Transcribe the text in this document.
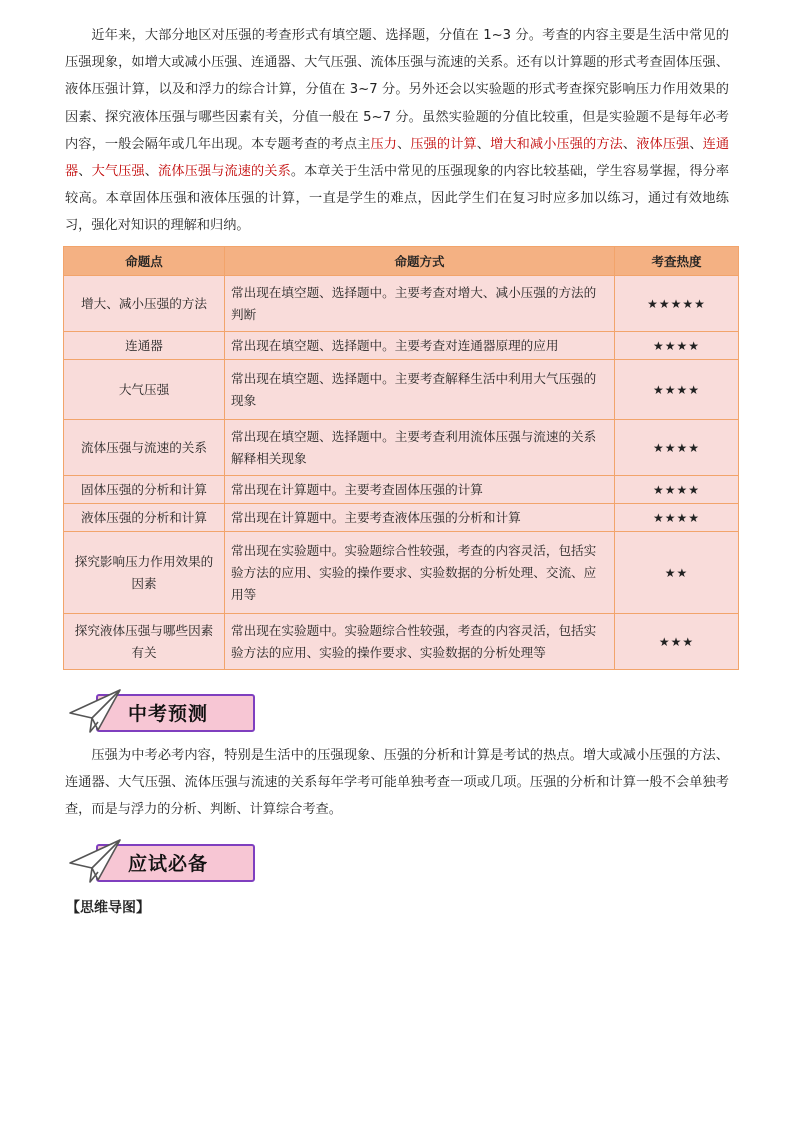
近年来，大部分地区对压强的考查形式有填空题、选择题，分值在 1~3 分。考查的内容主要是生活中常见的压强现象，如增大或减小压强、连通器、大气压强、流体压强与流速的关系。还有以计算题的形式考查固体压强、液体压强计算，以及和浮力的综合计算，分值在 3~7 分。另外还会以实验题的形式考查探究影响压力作用效果的因素、探究液体压强与哪些因素有关，分值一般在 5~7 分。虽然实验题的分值比较重，但是实验题不是每年必考内容，一般会隔年或几年出现。本专题考查的考点主压力、压强的计算、增大和减小压强的方法、液体压强、连通器、大气压强、流体压强与流速的关系。本章关于生活中常见的压强现象的内容比较基础，学生容易掌握，得分率较高。本章固体压强和液体压强的计算，一直是学生的难点，因此学生们在复习时应多加以练习，通过有效地练习，强化对知识的理解和归纳。

命题点	命题方式	考查热度
增大、减小压强的方法	常出现在填空题、选择题中。主要考查对增大、减小压强的方法的判断	★★★★★
连通器	常出现在填空题、选择题中。主要考查对连通器原理的应用	★★★★
大气压强	常出现在填空题、选择题中。主要考查解释生活中利用大气压强的现象	★★★★
流体压强与流速的关系	常出现在填空题、选择题中。主要考查利用流体压强与流速的关系解释相关现象	★★★★
固体压强的分析和计算	常出现在计算题中。主要考查固体压强的计算	★★★★
液体压强的分析和计算	常出现在计算题中。主要考查液体压强的分析和计算	★★★★
探究影响压力作用效果的因素	常出现在实验题中。实验题综合性较强，考查的内容灵活，包括实验方法的应用、实验的操作要求、实验数据的分析处理、交流、应用等	★★
探究液体压强与哪些因素有关	常出现在实验题中。实验题综合性较强，考查的内容灵活，包括实验方法的应用、实验的操作要求、实验数据的分析处理等	★★★
中考预测

压强为中考必考内容，特别是生活中的压强现象、压强的分析和计算是考试的热点。增大或减小压强的方法、连通器、大气压强、流体压强与流速的关系每年学考可能单独考查一项或几项。压强的分析和计算一般不会单独考查，而是与浮力的分析、判断、计算综合考查。

应试必备
【思维导图】
